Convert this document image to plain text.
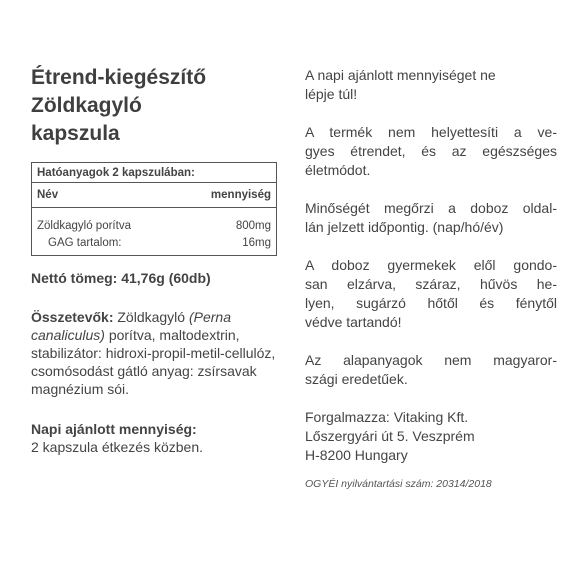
Étrend-kiegészítő
Zöldkagyló
kapszula
Hatóanyagok 2 kapszulában:
Név	mennyiség
Zöldkagyló porítva	800mg
GAG tartalom:	16mg
Nettó tömeg: 41,76g (60db)
Összetevők: Zöldkagyló (Perna canaliculus) porítva, maltodextrin, stabilizátor: hidroxi-propil-metil-cellulóz, csomósodást gátló anyag: zsírsavak magnézium sói.
Napi ajánlott mennyiség:
2 kapszula étkezés közben.
A napi ajánlott mennyiséget ne
lépje túl!
A termék nem helyettesíti a ve-
gyes étrendet, és az egészséges
életmódot.
Minőségét megőrzi a doboz oldal-
lán jelzett időpontig. (nap/hó/év)
A doboz gyermekek elől gondo-
san elzárva, száraz, hűvös he-
lyen, sugárzó hőtől és fénytől
védve tartandó!
Az alapanyagok nem magyaror-
szági eredetűek.
Forgalmazza: Vitaking Kft.
Lőszergyári út 5. Veszprém
H-8200 Hungary
OGYÉI nyilvántartási szám: 20314/2018
